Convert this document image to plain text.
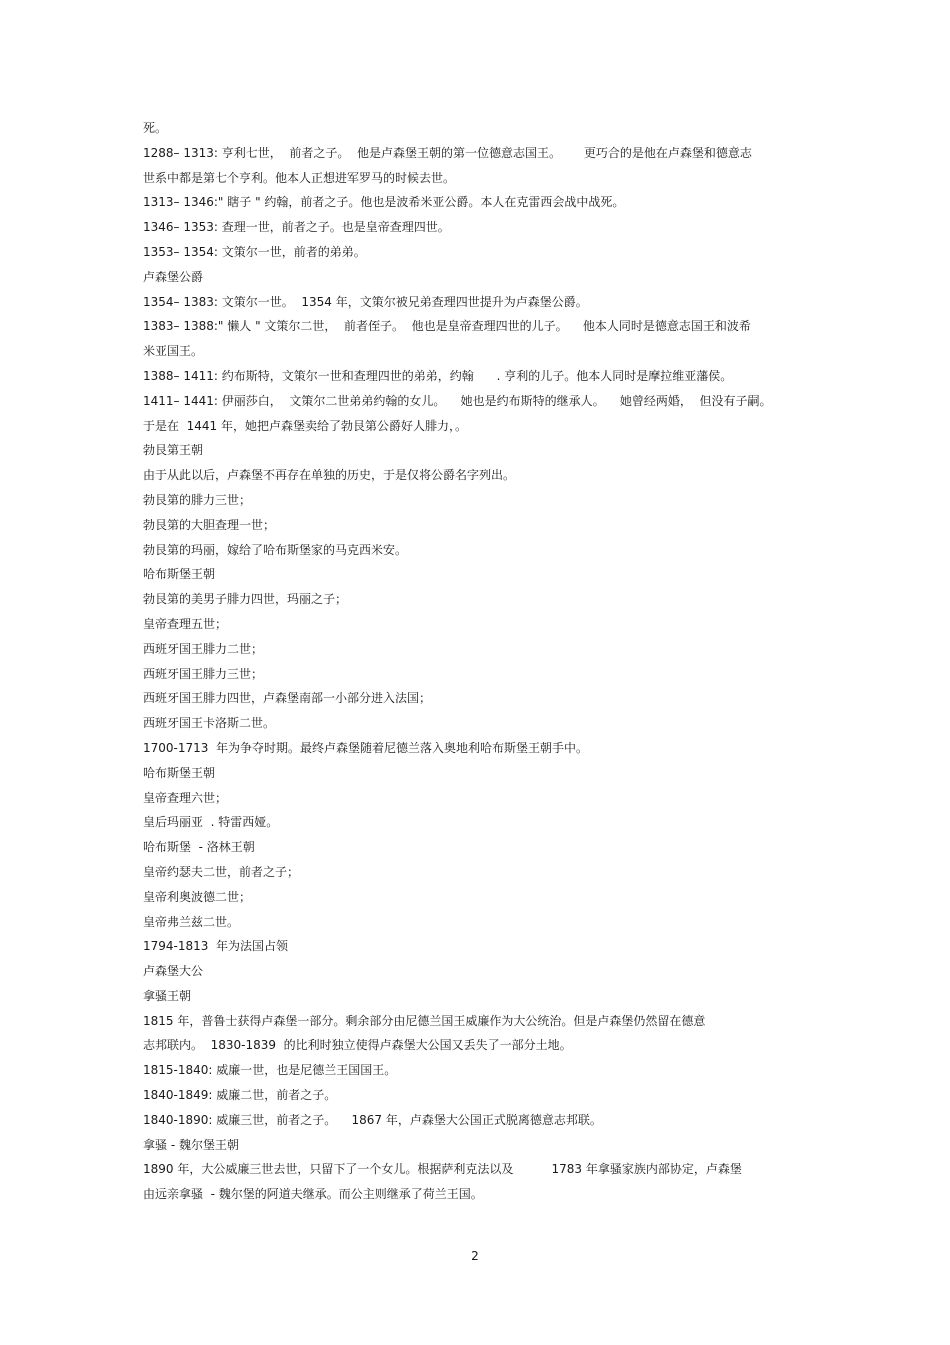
死。
1288– 1313: 亨利七世，  前者之子。  他是卢森堡王朝的第一位德意志国王。      更巧合的是他在卢森堡和德意志
世系中都是第七个亨利。他本人正想进军罗马的时候去世。
1313– 1346:" 瞎子 " 约翰，前者之子。他也是波希米亚公爵。本人在克雷西会战中战死。
1346– 1353: 查理一世，前者之子。也是皇帝查理四世。
1353– 1354: 文策尔一世，前者的弟弟。
卢森堡公爵
1354– 1383: 文策尔一世。  1354 年，文策尔被兄弟查理四世提升为卢森堡公爵。
1383– 1388:" 懒人 " 文策尔二世，  前者侄子。  他也是皇帝查理四世的儿子。    他本人同时是德意志国王和波希
米亚国王。
1388– 1411: 约布斯特，文策尔一世和查理四世的弟弟，约翰      . 亨利的儿子。他本人同时是摩拉维亚藩侯。
1411– 1441: 伊丽莎白，  文策尔二世弟弟约翰的女儿。    她也是约布斯特的继承人。    她曾经两婚，  但没有子嗣。
于是在  1441 年，她把卢森堡卖给了勃艮第公爵好人腓力，。
勃艮第王朝
由于从此以后，卢森堡不再存在单独的历史，于是仅将公爵名字列出。
勃艮第的腓力三世；
勃艮第的大胆查理一世；
勃艮第的玛丽，嫁给了哈布斯堡家的马克西米安。
哈布斯堡王朝
勃艮第的美男子腓力四世，玛丽之子；
皇帝查理五世；
西班牙国王腓力二世；
西班牙国王腓力三世；
西班牙国王腓力四世，卢森堡南部一小部分进入法国；
西班牙国王卡洛斯二世。
1700-1713  年为争夺时期。最终卢森堡随着尼德兰落入奥地利哈布斯堡王朝手中。
哈布斯堡王朝
皇帝查理六世；
皇后玛丽亚  . 特雷西娅。
哈布斯堡  - 洛林王朝
皇帝约瑟夫二世，前者之子；
皇帝利奥波德二世；
皇帝弗兰兹二世。
1794-1813  年为法国占领
卢森堡大公
拿骚王朝
1815 年，普鲁士获得卢森堡一部分。剩余部分由尼德兰国王威廉作为大公统治。但是卢森堡仍然留在德意
志邦联内。  1830-1839  的比利时独立使得卢森堡大公国又丢失了一部分土地。
1815-1840: 威廉一世，也是尼德兰王国国王。
1840-1849: 威廉二世，前者之子。
1840-1890: 威廉三世，前者之子。    1867 年，卢森堡大公国正式脱离德意志邦联。
拿骚 - 魏尔堡王朝
1890 年，大公威廉三世去世，只留下了一个女儿。根据萨利克法以及          1783 年拿骚家族内部协定，卢森堡
由远亲拿骚  - 魏尔堡的阿道夫继承。而公主则继承了荷兰王国。
2
